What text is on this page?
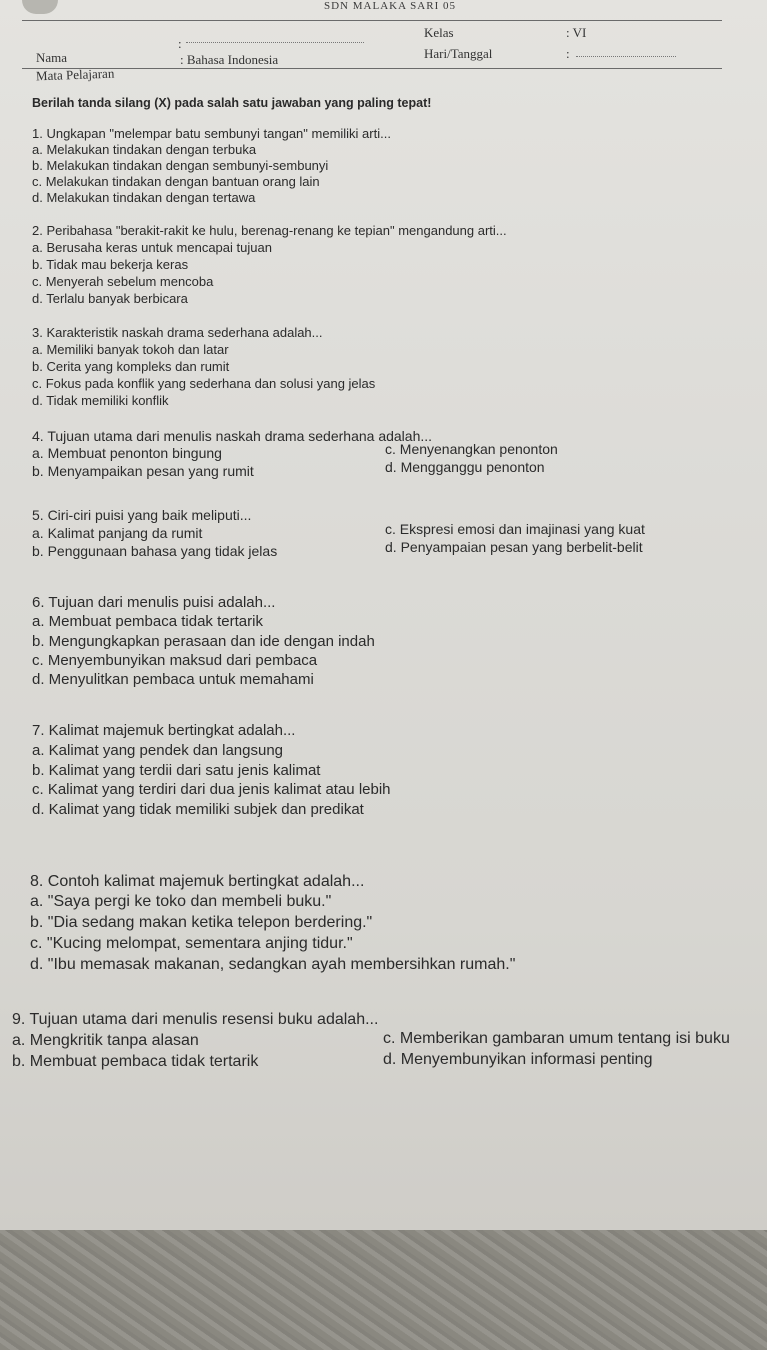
SDN MALAKA SARI 05
Nama
:
Mata Pelajaran
: Bahasa Indonesia
Kelas	: VI
Hari/Tanggal	:
Berilah tanda silang (X) pada salah satu jawaban yang paling tepat!
1. Ungkapan "melempar batu sembunyi tangan" memiliki arti...
a. Melakukan tindakan dengan terbuka
b. Melakukan tindakan dengan sembunyi-sembunyi
c. Melakukan tindakan dengan bantuan orang lain
d. Melakukan tindakan dengan tertawa
2. Peribahasa "berakit-rakit ke hulu, berenag-renang ke tepian" mengandung arti...
a. Berusaha keras untuk mencapai tujuan
b. Tidak mau bekerja keras
c. Menyerah sebelum mencoba
d. Terlalu banyak berbicara
3. Karakteristik naskah drama sederhana adalah...
a. Memiliki banyak tokoh dan latar
b. Cerita yang kompleks dan rumit
c. Fokus pada konflik yang sederhana dan solusi yang jelas
d. Tidak memiliki konflik
4. Tujuan utama dari menulis naskah drama sederhana adalah...
a. Membuat penonton bingung
b. Menyampaikan pesan yang rumit
c. Menyenangkan penonton
d. Mengganggu penonton
5. Ciri-ciri puisi yang baik meliputi...
a. Kalimat panjang da rumit
b. Penggunaan bahasa yang tidak jelas
c. Ekspresi emosi dan imajinasi yang kuat
d. Penyampaian pesan yang berbelit-belit
6. Tujuan dari menulis puisi adalah...
a. Membuat pembaca tidak tertarik
b. Mengungkapkan perasaan dan ide dengan indah
c. Menyembunyikan maksud dari pembaca
d. Menyulitkan pembaca untuk memahami
7. Kalimat majemuk bertingkat adalah...
a. Kalimat yang pendek dan langsung
b. Kalimat yang terdii dari satu jenis kalimat
c. Kalimat yang terdiri dari dua jenis kalimat atau lebih
d. Kalimat yang tidak memiliki subjek dan predikat
8. Contoh kalimat majemuk bertingkat adalah...
a. "Saya pergi ke toko dan membeli buku."
b. "Dia sedang makan ketika telepon berdering."
c. "Kucing melompat, sementara anjing tidur."
d. "Ibu memasak makanan, sedangkan ayah membersihkan rumah."
9. Tujuan utama dari menulis resensi buku adalah...
a. Mengkritik tanpa alasan
b. Membuat pembaca tidak tertarik
c. Memberikan gambaran umum tentang isi buku
d. Menyembunyikan informasi penting
